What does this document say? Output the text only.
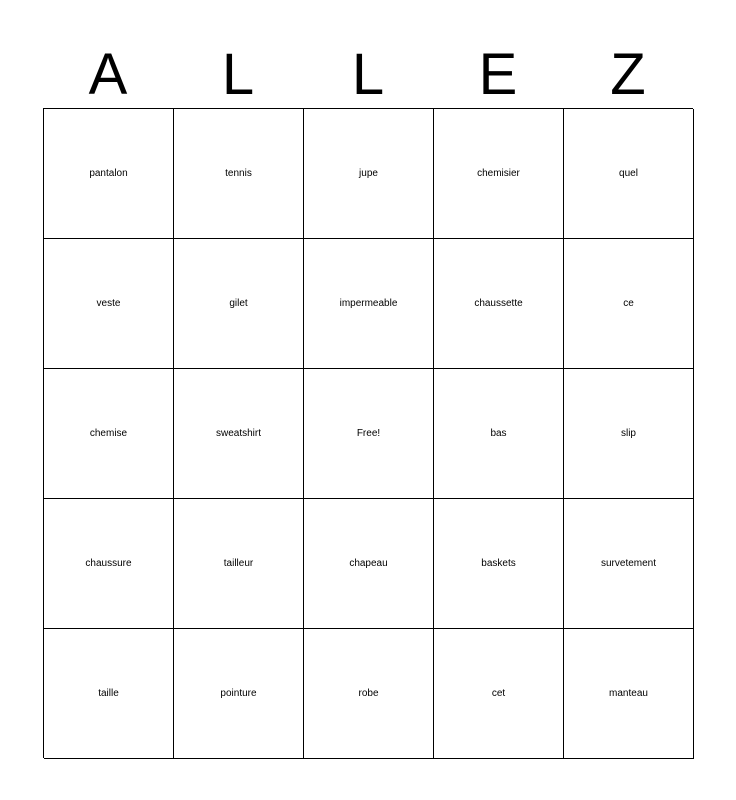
A	L	L	E	Z
pantalon	tennis	jupe	chemisier	quel
veste	gilet	impermeable	chaussette	ce
chemise	sweatshirt	Free!	bas	slip
chaussure	tailleur	chapeau	baskets	survetement
taille	pointure	robe	cet	manteau
